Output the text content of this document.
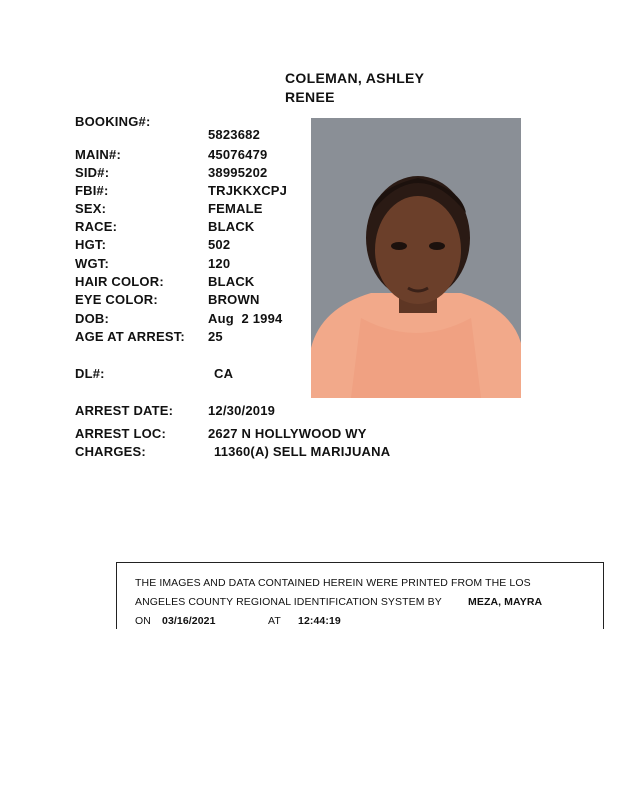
COLEMAN, ASHLEY
RENEE
BOOKING#:
5823682
MAIN#:	45076479
SID#:	38995202
FBI#:	TRJKKXCPJ
SEX:	FEMALE
RACE:	BLACK
HGT:	502
WGT:	120
HAIR COLOR:	BLACK
EYE COLOR:	BROWN
DOB:	Aug  2 1994
AGE AT ARREST: 25
DL#:	CA
ARREST DATE:	12/30/2019
ARREST LOC:	2627 N HOLLYWOOD WY
CHARGES:	11360(A) SELL MARIJUANA
THE IMAGES AND DATA CONTAINED HEREIN WERE PRINTED FROM THE LOS
ANGELES COUNTY REGIONAL IDENTIFICATION SYSTEM BY MEZA, MAYRA
ON 03/16/2021	AT 12:44:19
